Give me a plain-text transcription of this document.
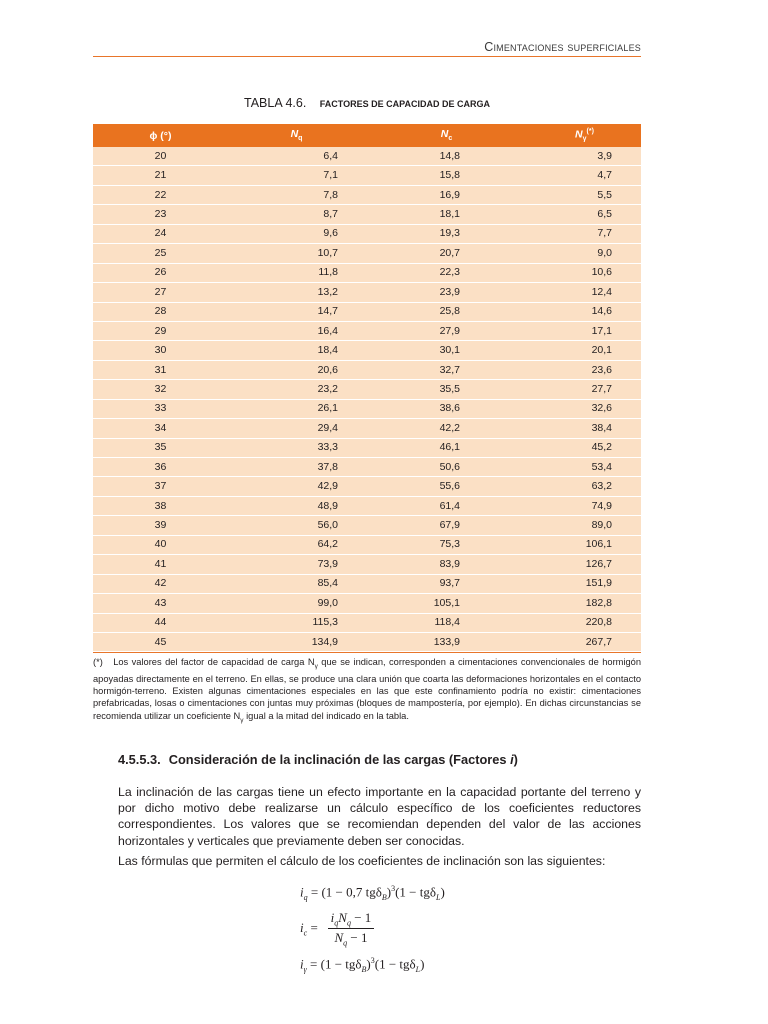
Cimentaciones superficiales
TABLA 4.6. FACTORES DE CAPACIDAD DE CARGA
ϕ (°)	$N_q$	$N_c$	$N_\gamma^{(*)}$
20	6,4	14,8	3,9
21	7,1	15,8	4,7
22	7,8	16,9	5,5
23	8,7	18,1	6,5
24	9,6	19,3	7,7
25	10,7	20,7	9,0
26	11,8	22,3	10,6
27	13,2	23,9	12,4
28	14,7	25,8	14,6
29	16,4	27,9	17,1
30	18,4	30,1	20,1
31	20,6	32,7	23,6
32	23,2	35,5	27,7
33	26,1	38,6	32,6
34	29,4	42,2	38,4
35	33,3	46,1	45,2
36	37,8	50,6	53,4
37	42,9	55,6	63,2
38	48,9	61,4	74,9
39	56,0	67,9	89,0
40	64,2	75,3	106,1
41	73,9	83,9	126,7
42	85,4	93,7	151,9
43	99,0	105,1	182,8
44	115,3	118,4	220,8
45	134,9	133,9	267,7
(*) Los valores del factor de capacidad de carga $N_\gamma$ que se indican, corresponden a cimentaciones convencionales de hormigón apoyadas directamente en el terreno. En ellas, se produce una clara unión que coarta las deformaciones horizontales en el contacto hormigón-terreno. Existen algunas cimentaciones especiales en las que este confinamiento podría no existir: cimentaciones prefabricadas, losas o cimentaciones con juntas muy próximas (bloques de mampostería, por ejemplo). En dichas circunstancias se recomienda utilizar un coeficiente $N_\gamma$ igual a la mitad del indicado en la tabla.
4.5.5.3. Consideración de la inclinación de las cargas (Factores i)
La inclinación de las cargas tiene un efecto importante en la capacidad portante del terreno y por dicho motivo debe realizarse un cálculo específico de los coeficientes reductores correspondientes. Los valores que se recomiendan dependen del valor de las acciones horizontales y verticales que previamente deben ser conocidas.
Las fórmulas que permiten el cálculo de los coeficientes de inclinación son las siguientes:
$i_q = (1 - 0,7$ tgδ$_B$)$^3$(1 − tgδ$_L$)
$i_c$ =
$i_qN_q - 1$
$N_q - 1$
$i_\gamma = (1 - tg\delta_B)^3(1 - tg\delta_L)$
